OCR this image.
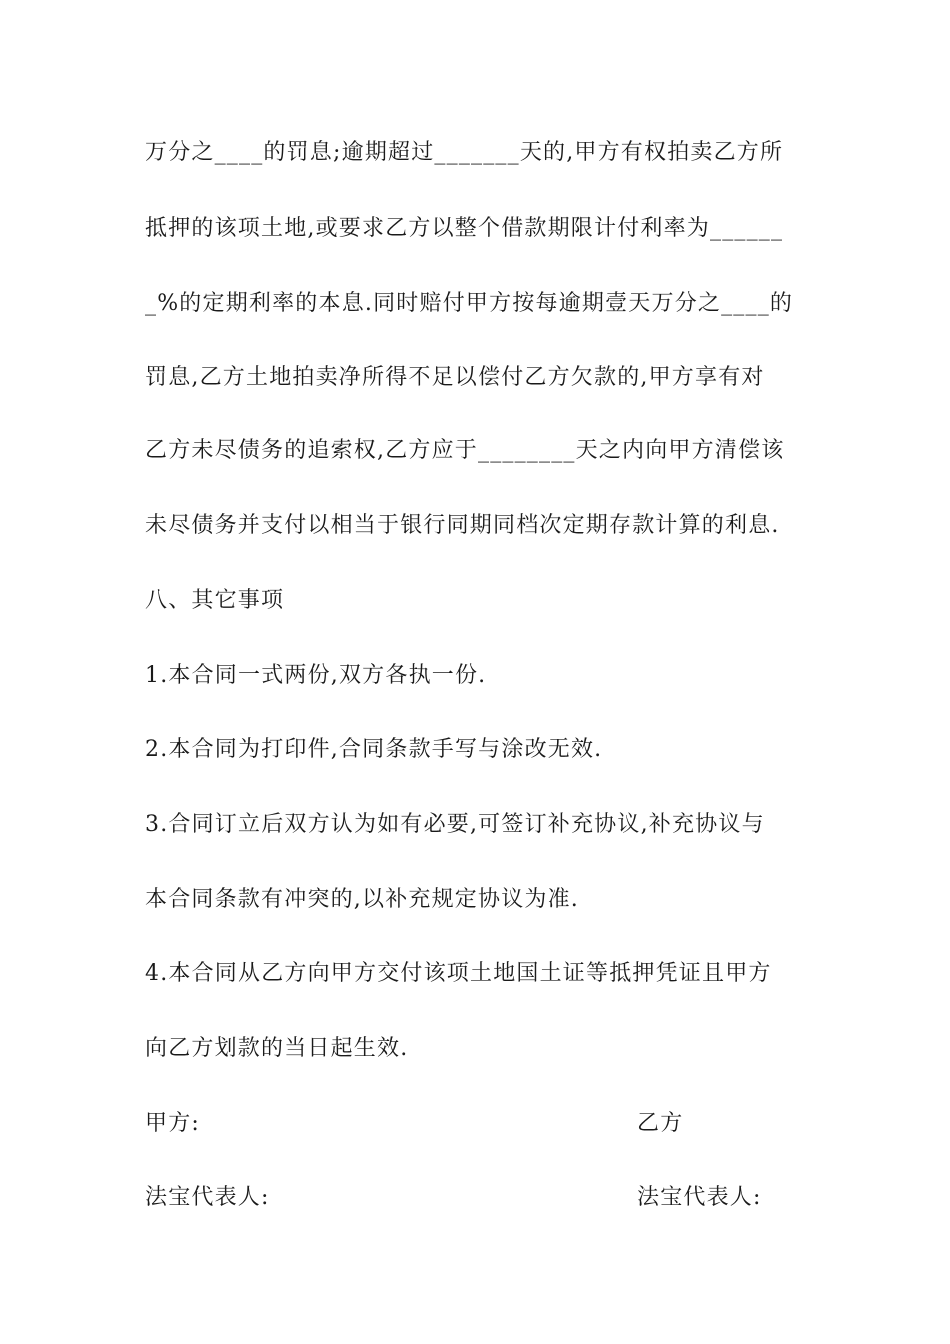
万分之____的罚息;逾期超过_______天的,甲方有权拍卖乙方所
抵押的该项土地,或要求乙方以整个借款期限计付利率为______
_%的定期利率的本息.同时赔付甲方按每逾期壹天万分之____的
罚息,乙方土地拍卖净所得不足以偿付乙方欠款的,甲方享有对
乙方未尽债务的追索权,乙方应于________天之内向甲方清偿该
未尽债务并支付以相当于银行同期同档次定期存款计算的利息.
八、其它事项
1.本合同一式两份,双方各执一份.
2.本合同为打印件,合同条款手写与涂改无效.
3.合同订立后双方认为如有必要,可签订补充协议,补充协议与
本合同条款有冲突的,以补充规定协议为准.
4.本合同从乙方向甲方交付该项土地国土证等抵押凭证且甲方
向乙方划款的当日起生效.
甲方:	乙方
法宝代表人:	法宝代表人:
